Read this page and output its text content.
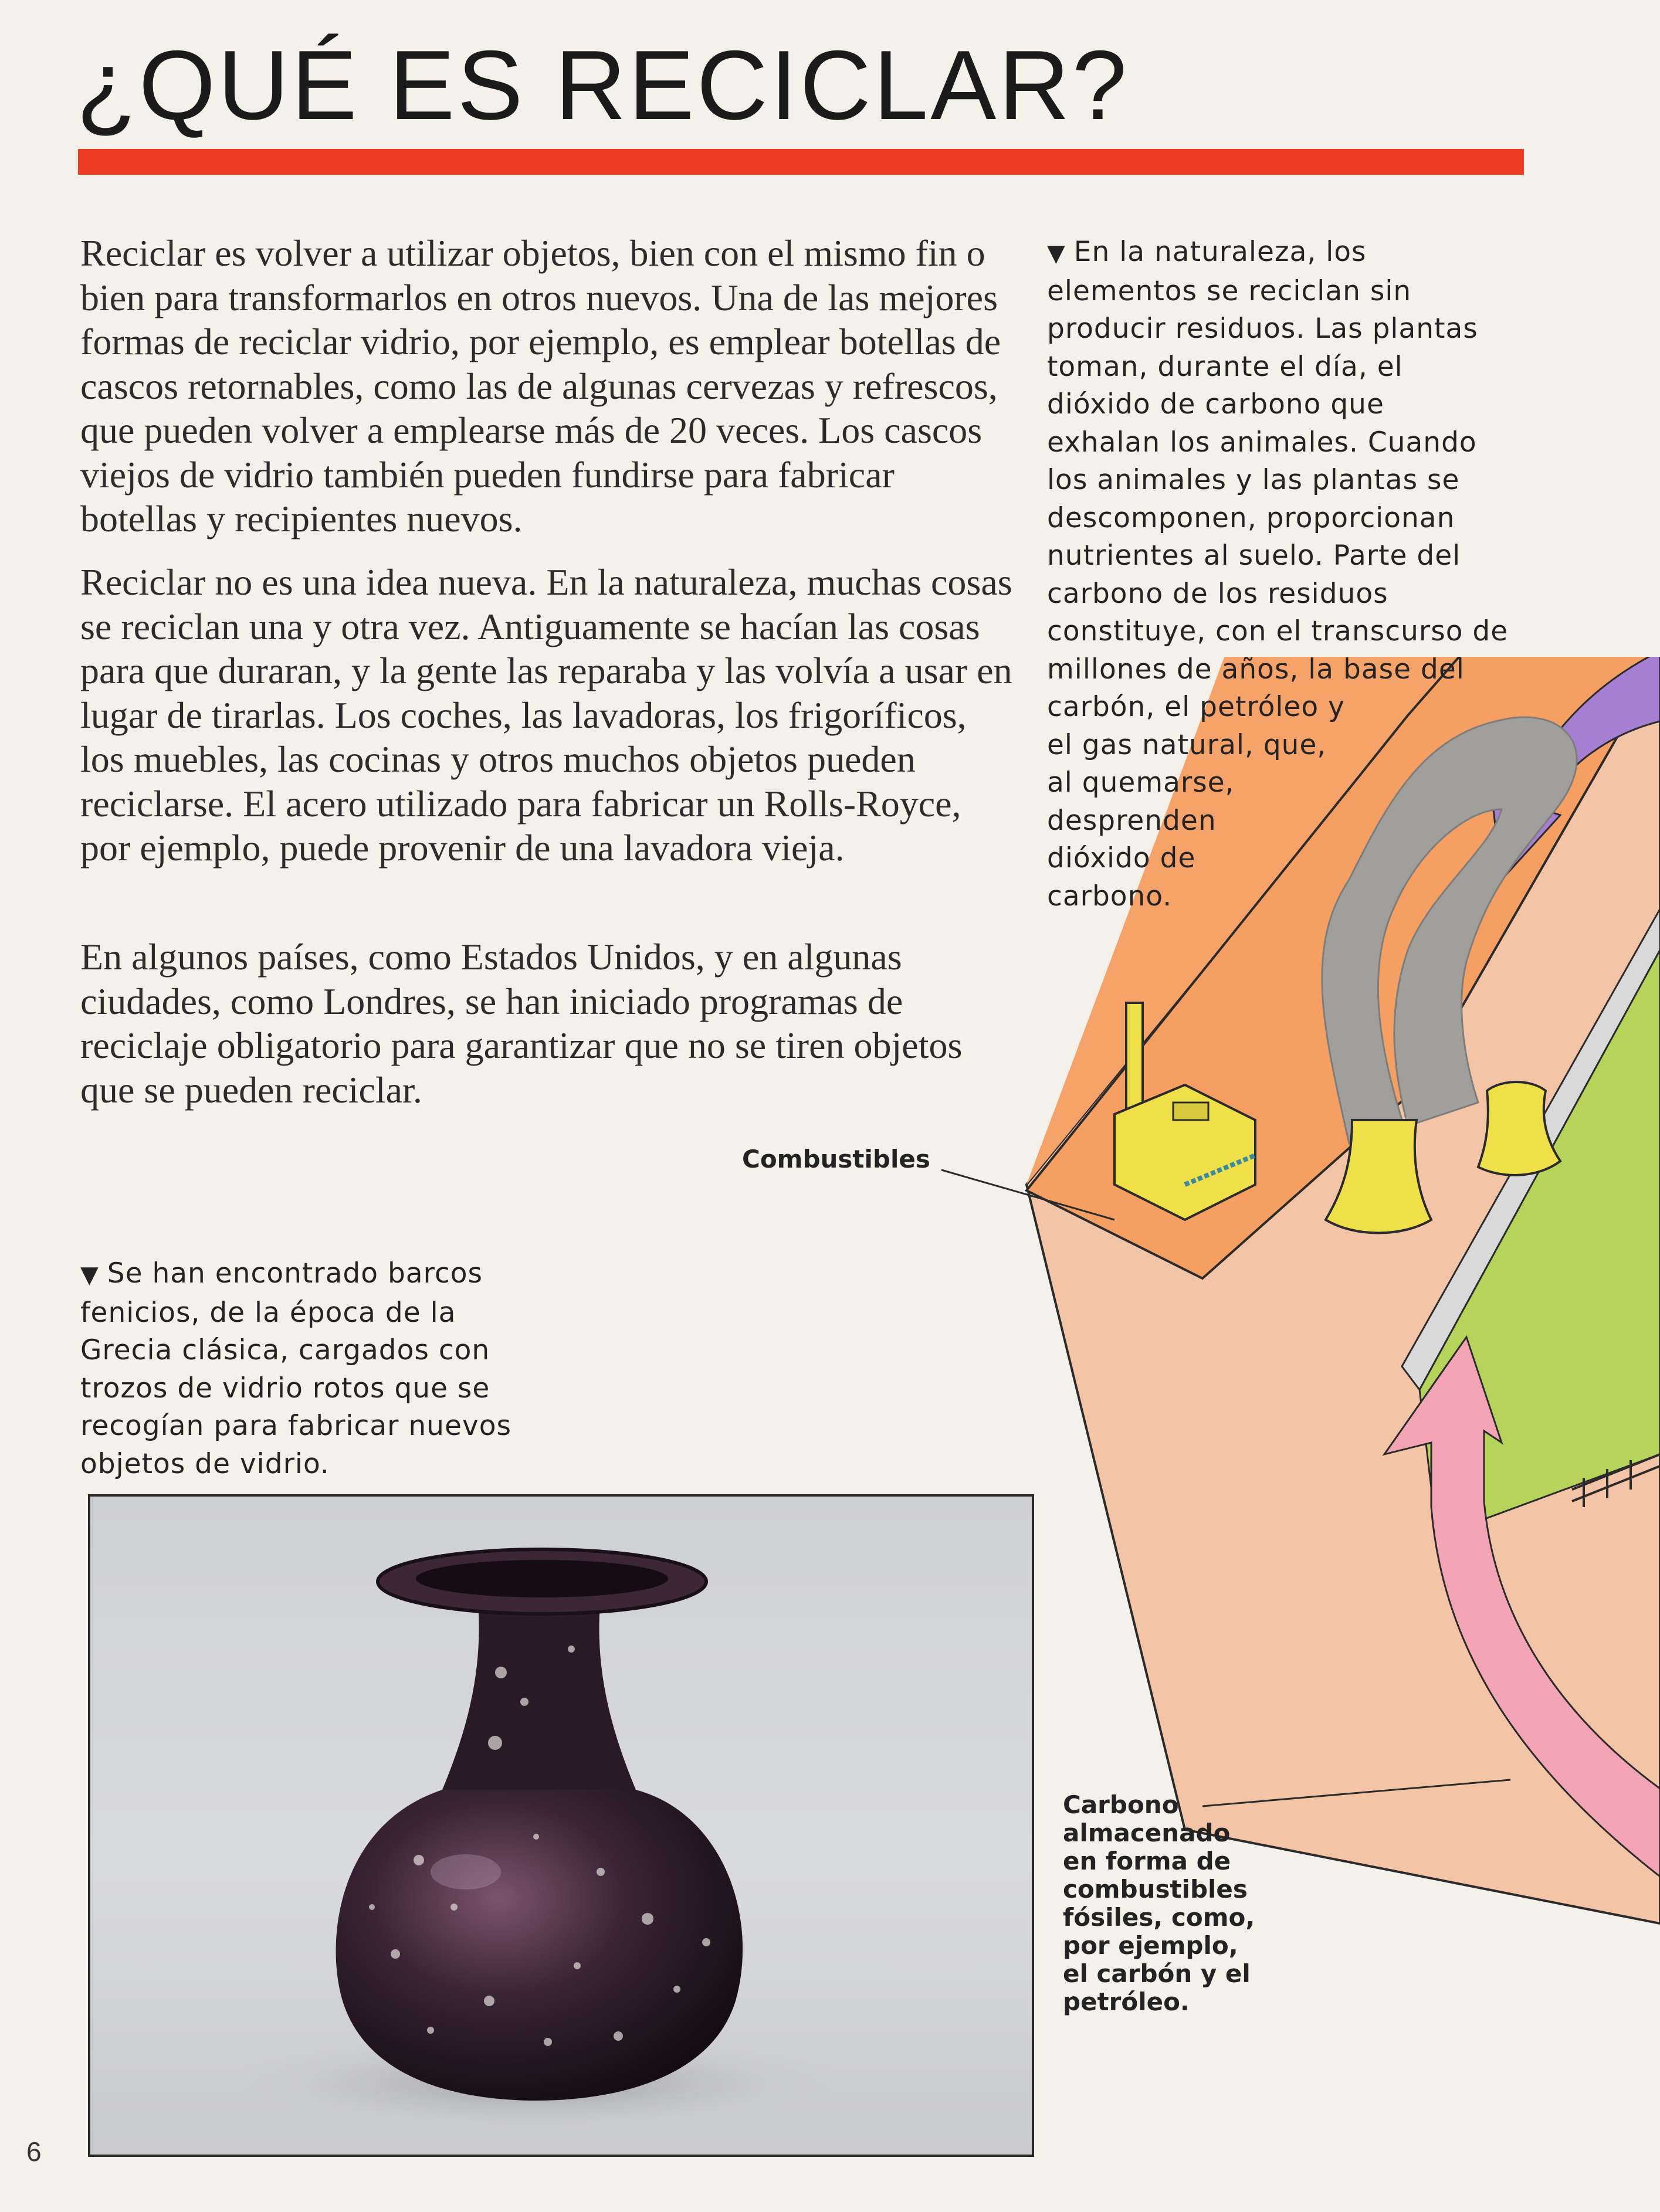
¿QUÉ ES RECICLAR?

Reciclar es volver a utilizar objetos, bien con el mismo fin o bien para transformarlos en otros nuevos. Una de las mejores formas de reciclar vidrio, por ejemplo, es emplear botellas de cascos retornables, como las de algunas cervezas y refrescos, que pueden volver a emplearse más de 20 veces. Los cascos viejos de vidrio también pueden fundirse para fabricar botellas y recipientes nuevos.

Reciclar no es una idea nueva. En la naturaleza, muchas cosas se reciclan una y otra vez. Antiguamente se hacían las cosas para que duraran, y la gente las reparaba y las volvía a usar en lugar de tirarlas. Los coches, las lavadoras, los frigoríficos, los muebles, las cocinas y otros muchos objetos pueden reciclarse. El acero utilizado para fabricar un Rolls-Royce, por ejemplo, puede provenir de una lavadora vieja.

En algunos países, como Estados Unidos, y en algunas ciudades, como Londres, se han iniciado programas de reciclaje obligatorio para garantizar que no se tiren objetos que se pueden reciclar.

▼ En la naturaleza, los
elementos se reciclan sin
producir residuos. Las plantas
toman, durante el día, el
dióxido de carbono que
exhalan los animales. Cuando
los animales y las plantas se
descomponen, proporcionan
nutrientes al suelo. Parte del
carbono de los residuos
constituye, con el transcurso de
millones de años, la base del
carbón, el petróleo y
el gas natural, que,
al quemarse,
desprenden
dióxido de
carbono.

Combustibles

▼ Se han encontrado barcos
fenicios, de la época de la
Grecia clásica, cargados con
trozos de vidrio rotos que se
recogían para fabricar nuevos
objetos de vidrio.
Carbono
almacenado
en forma de
combustibles
fósiles, como,
por ejemplo,
el carbón y el
petróleo.

6
